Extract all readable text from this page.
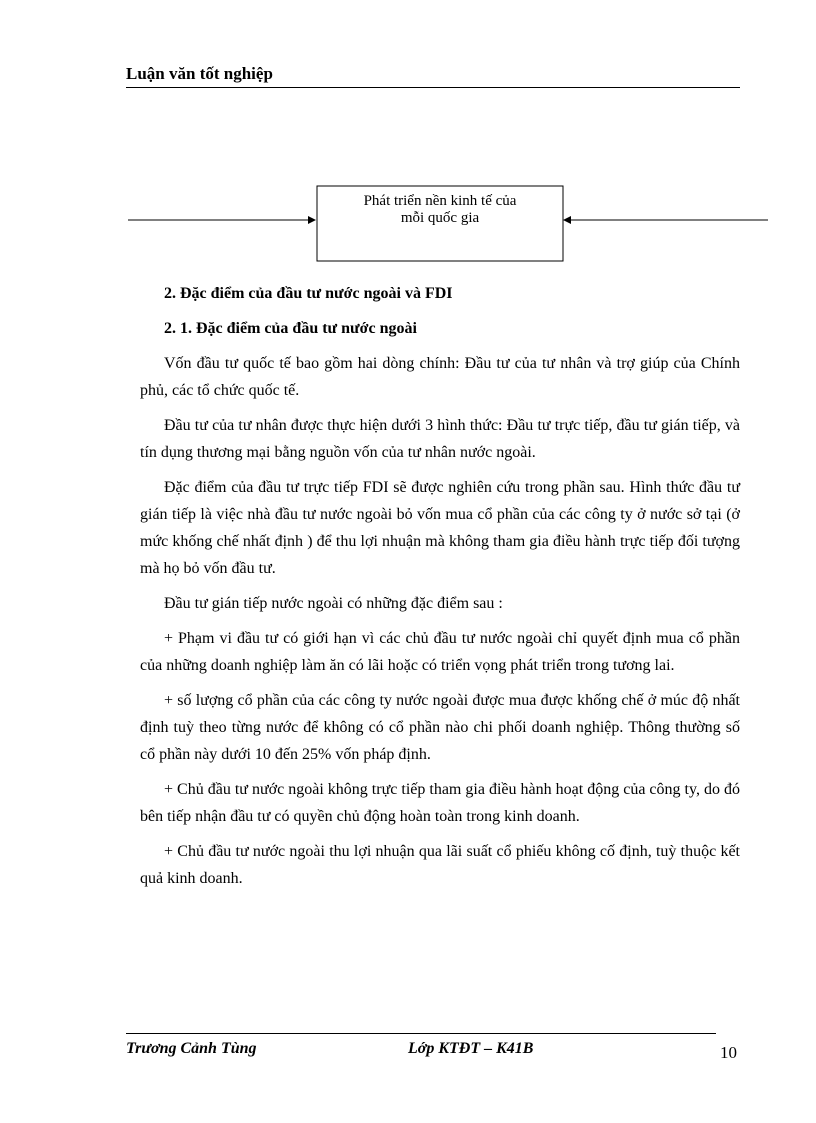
Luận văn tốt nghiệp
Phát triển nền kinh tế của
mỗi quốc gia

2. Đặc điểm của đầu tư nước ngoài và FDI

2. 1. Đặc điểm của đầu tư nước ngoài

Vốn đầu tư quốc tế bao gồm hai dòng chính: Đầu tư của tư nhân và trợ giúp của Chính phủ, các tổ chức quốc tế.

Đầu tư của tư nhân được thực hiện dưới 3 hình thức: Đầu tư trực tiếp, đầu tư gián tiếp, và tín dụng thương mại bằng nguồn vốn của tư nhân nước ngoài.

Đặc điểm của đầu tư trực tiếp FDI sẽ được nghiên cứu trong phần sau. Hình thức đầu tư gián tiếp là việc nhà đầu tư nước ngoài bỏ vốn mua cổ phần của các công ty ở nước sở tại (ở mức khống chế nhất định ) để thu lợi nhuận mà không tham gia điều hành trực tiếp đối tượng mà họ bỏ vốn đầu tư.

Đầu tư gián tiếp nước ngoài có những đặc điểm sau :

+ Phạm vi đầu tư có giới hạn vì các chủ đầu tư nước ngoài chỉ quyết định mua cổ phần của những doanh nghiệp làm ăn có lãi hoặc có triển vọng phát triển trong tương lai.

+ số lượng cổ phần của các công ty nước ngoài được mua được khống chế ở múc độ nhất định tuỳ theo từng nước để không có cổ phần nào chi phối doanh nghiệp. Thông thường số cổ phần này dưới 10 đến 25% vốn pháp định.

+ Chủ đầu tư nước ngoài không trực tiếp tham gia điều hành hoạt động của công ty, do đó bên tiếp nhận đầu tư có quyền chủ động hoàn toàn trong kinh doanh.

+ Chủ đầu tư nước ngoài thu lợi nhuận qua lãi suất cổ phiếu không cố định, tuỳ thuộc kết quả kinh doanh.

Trương Cảnh Tùng	Lớp KTĐT – K41B	10
